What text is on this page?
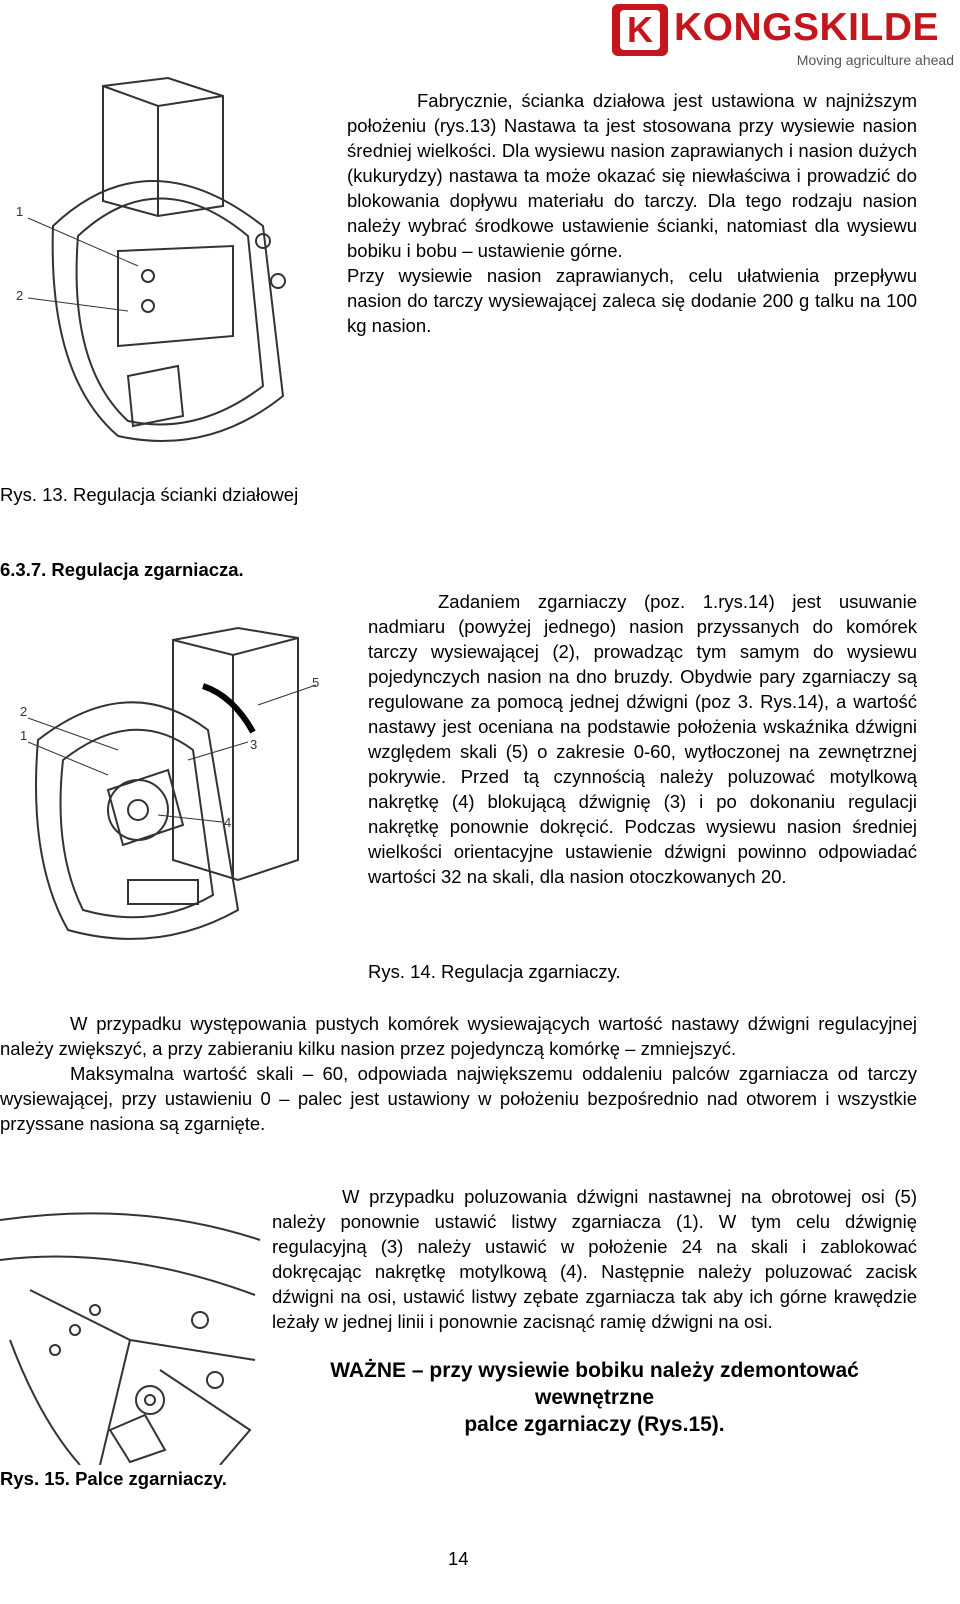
K KONGSKILDE
Moving agriculture ahead
1
2
Fabrycznie, ścianka działowa jest ustawiona w najniższym położeniu (rys.13) Nastawa ta jest stosowana przy wysiewie nasion średniej wielkości. Dla wysiewu nasion zaprawianych i nasion dużych (kukurydzy) nastawa ta może okazać się niewłaściwa i prowadzić do blokowania dopływu materiału do tarczy. Dla tego rodzaju nasion należy wybrać środkowe ustawienie ścianki, natomiast dla wysiewu bobiku i bobu – ustawienie górne.
Przy wysiewie nasion zaprawianych, celu ułatwienia przepływu nasion do tarczy wysiewającej zaleca się dodanie 200 g talku na 100 kg nasion.
Rys. 13. Regulacja ścianki działowej
6.3.7. Regulacja zgarniacza.
2
1
5
3
4
Zadaniem zgarniaczy (poz. 1.rys.14) jest usuwanie nadmiaru (powyżej jednego) nasion przyssanych do komórek tarczy wysiewającej (2), prowadząc tym samym do wysiewu pojedynczych nasion na dno bruzdy. Obydwie pary zgarniaczy są regulowane za pomocą jednej dźwigni (poz 3. Rys.14), a wartość nastawy jest oceniana na podstawie położenia wskaźnika dźwigni względem skali (5) o zakresie 0-60, wytłoczonej na zewnętrznej pokrywie. Przed tą czynnością należy poluzować motylkową nakrętkę (4) blokującą dźwignię (3) i po dokonaniu regulacji nakrętkę ponownie dokręcić. Podczas wysiewu nasion średniej wielkości orientacyjne ustawienie dźwigni powinno odpowiadać wartości 32 na skali, dla nasion otoczkowanych 20.
Rys. 14. Regulacja zgarniaczy.
W przypadku występowania pustych komórek wysiewających wartość nastawy dźwigni regulacyjnej należy zwiększyć, a przy zabieraniu kilku nasion przez pojedynczą komórkę – zmniejszyć.
Maksymalna wartość skali – 60, odpowiada największemu oddaleniu palców zgarniacza od tarczy wysiewającej, przy ustawieniu 0 – palec jest ustawiony w położeniu bezpośrednio nad otworem i wszystkie przyssane nasiona są zgarnięte.
W przypadku poluzowania dźwigni nastawnej na obrotowej osi (5) należy ponownie ustawić listwy zgarniacza (1). W tym celu dźwignię regulacyjną (3) należy ustawić w położenie 24 na skali i zablokować dokręcając nakrętkę motylkową (4). Następnie należy poluzować zacisk dźwigni na osi, ustawić listwy zębate zgarniacza tak aby ich górne krawędzie leżały w jednej linii i ponownie zacisnąć ramię dźwigni na osi.
WAŻNE – przy wysiewie bobiku należy zdemontować
wewnętrzne
palce zgarniaczy (Rys.15).
Rys. 15. Palce zgarniaczy.
14
